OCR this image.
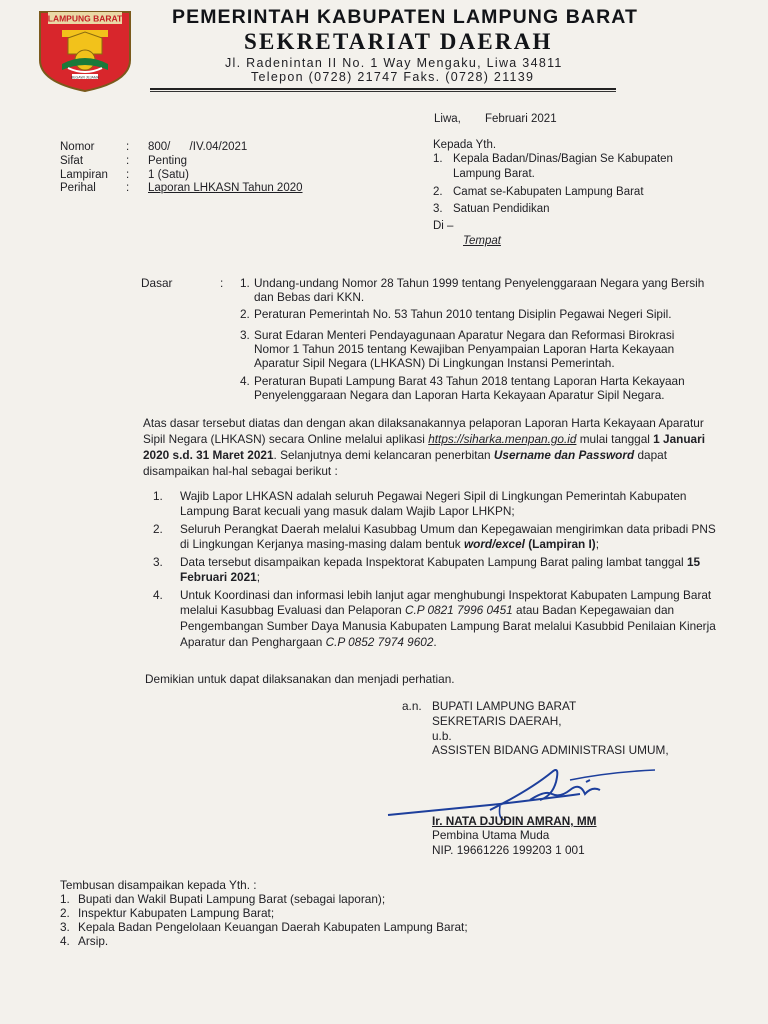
LAMPUNG BARAT
BEGAWI JEJAMA
PEMERINTAH KABUPATEN LAMPUNG BARAT
SEKRETARIAT DAERAH
Jl. Radenintan II No. 1 Way Mengaku, Liwa 34811
Telepon (0728) 21747 Faks. (0728) 21139
Liwa, Februari 2021
Nomor	: 800/      /IV.04/2021
Sifat	: Penting
Lampiran : 1 (Satu)
Perihal	: Laporan LHKASN Tahun 2020
Kepada Yth.
1. Kepala Badan/Dinas/Bagian Se Kabupaten
Lampung Barat.
2. Camat se-Kabupaten Lampung Barat
3. Satuan Pendidikan
Di –
Tempat
Dasar	: 1. Undang-undang Nomor 28 Tahun 1999 tentang Penyelenggaraan Negara yang Bersih
dan Bebas dari KKN.
2. Peraturan Pemerintah No. 53 Tahun 2010 tentang Disiplin Pegawai Negeri Sipil.
3. Surat Edaran Menteri Pendayagunaan Aparatur Negara dan Reformasi Birokrasi
Nomor 1 Tahun 2015 tentang Kewajiban Penyampaian Laporan Harta Kekayaan
Aparatur Sipil Negara (LHKASN) Di Lingkungan Instansi Pemerintah.
4. Peraturan Bupati Lampung Barat 43 Tahun 2018 tentang Laporan Harta Kekayaan
Penyelenggaraan Negara dan Laporan Harta Kekayaan Aparatur Sipil Negara.
Atas dasar tersebut diatas dan dengan akan dilaksanakannya pelaporan Laporan Harta Kekayaan Aparatur
Sipil Negara (LHKASN) secara Online melalui aplikasi https://siharka.menpan.go.id mulai tanggal 1 Januari
2020 s.d. 31 Maret 2021. Selanjutnya demi kelancaran penerbitan Username dan Password dapat
disampaikan hal-hal sebagai berikut :
1. Wajib Lapor LHKASN adalah seluruh Pegawai Negeri Sipil di Lingkungan Pemerintah Kabupaten
Lampung Barat kecuali yang masuk dalam Wajib Lapor LHKPN;
2. Seluruh Perangkat Daerah melalui Kasubbag Umum dan Kepegawaian mengirimkan data pribadi PNS
di Lingkungan Kerjanya masing-masing dalam bentuk word/excel (Lampiran I);
3. Data tersebut disampaikan kepada Inspektorat Kabupaten Lampung Barat paling lambat tanggal 15
Februari 2021;
4. Untuk Koordinasi dan informasi lebih lanjut agar menghubungi Inspektorat Kabupaten Lampung Barat
melalui Kasubbag Evaluasi dan Pelaporan C.P 0821 7996 0451 atau Badan Kepegawaian dan
Pengembangan Sumber Daya Manusia Kabupaten Lampung Barat melalui Kasubbid Penilaian Kinerja
Aparatur dan Penghargaan C.P 0852 7974 9602.
Demikian untuk dapat dilaksanakan dan menjadi perhatian.
a.n. BUPATI LAMPUNG BARAT
SEKRETARIS DAERAH,
u.b.
ASSISTEN BIDANG ADMINISTRASI UMUM,
Ir. NATA DJUDIN AMRAN, MM
Pembina Utama Muda
NIP. 19661226 199203 1 001
Tembusan disampaikan kepada Yth. :
1. Bupati dan Wakil Bupati Lampung Barat (sebagai laporan);
2. Inspektur Kabupaten Lampung Barat;
3. Kepala Badan Pengelolaan Keuangan Daerah Kabupaten Lampung Barat;
4. Arsip.
